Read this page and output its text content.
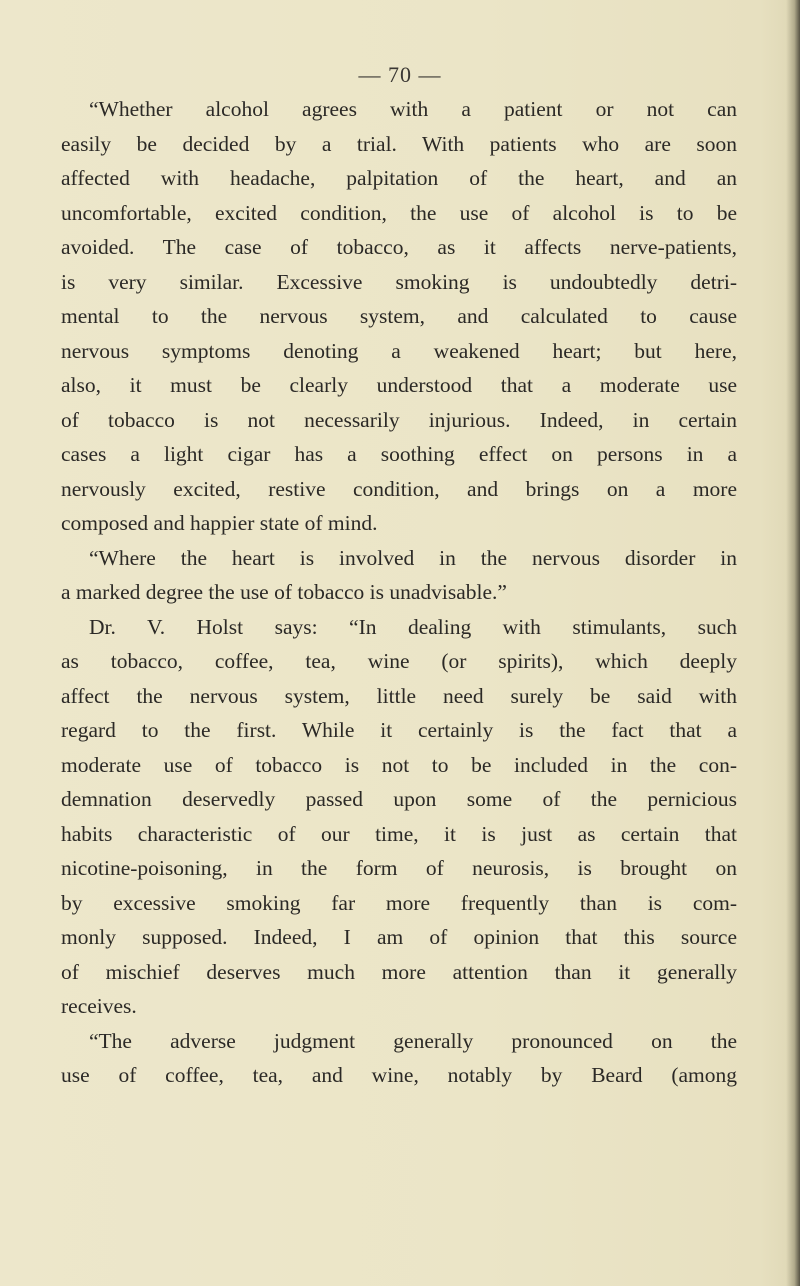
— 70 —
“Whether alcohol agrees with a patient or not can
easily be decided by a trial. With patients who are soon
affected with headache, palpitation of the heart, and an
uncomfortable, excited condition, the use of alcohol is to be
avoided. The case of tobacco, as it affects nerve-patients,
is very similar. Excessive smoking is undoubtedly detri-
mental to the nervous system, and calculated to cause
nervous symptoms denoting a weakened heart; but here,
also, it must be clearly understood that a moderate use
of tobacco is not necessarily injurious. Indeed, in certain
cases a light cigar has a soothing effect on persons in a
nervously excited, restive condition, and brings on a more
composed and happier state of mind.
“Where the heart is involved in the nervous disorder in
a marked degree the use of tobacco is unadvisable.”
Dr. V. Holst says: “In dealing with stimulants, such
as tobacco, coffee, tea, wine (or spirits), which deeply
affect the nervous system, little need surely be said with
regard to the first. While it certainly is the fact that a
moderate use of tobacco is not to be included in the con-
demnation deservedly passed upon some of the pernicious
habits characteristic of our time, it is just as certain that
nicotine-poisoning, in the form of neurosis, is brought on
by excessive smoking far more frequently than is com-
monly supposed. Indeed, I am of opinion that this source
of mischief deserves much more attention than it generally
receives.
“The adverse judgment generally pronounced on the
use of coffee, tea, and wine, notably by Beard (among
